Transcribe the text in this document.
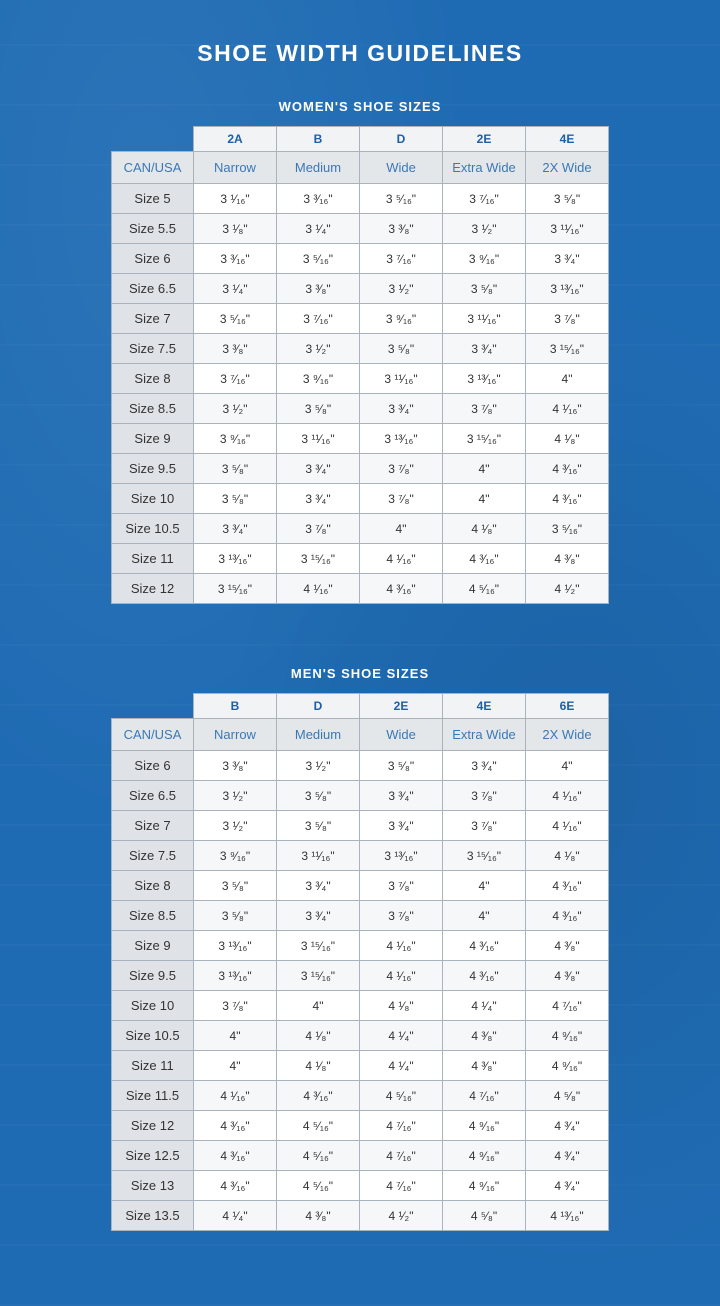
SHOE WIDTH GUIDELINES
WOMEN'S SHOE SIZES
	2A	B	D	2E	4E
CAN/USA	Narrow	Medium	Wide	Extra Wide	2X Wide
Size 5	3 ¹⁄₁₆"	3 ³⁄₁₆"	3 ⁵⁄₁₆"	3 ⁷⁄₁₆"	3 ⁵⁄₈"
Size 5.5	3 ¹⁄₈"	3 ¹⁄₄"	3 ³⁄₈"	3 ¹⁄₂"	3 ¹¹⁄₁₆"
Size 6	3 ³⁄₁₆"	3 ⁵⁄₁₆"	3 ⁷⁄₁₆"	3 ⁹⁄₁₆"	3 ³⁄₄"
Size 6.5	3 ¹⁄₄"	3 ³⁄₈"	3 ¹⁄₂"	3 ⁵⁄₈"	3 ¹³⁄₁₆"
Size 7	3 ⁵⁄₁₆"	3 ⁷⁄₁₆"	3 ⁹⁄₁₆"	3 ¹¹⁄₁₆"	3 ⁷⁄₈"
Size 7.5	3 ³⁄₈"	3 ¹⁄₂"	3 ⁵⁄₈"	3 ³⁄₄"	3 ¹⁵⁄₁₆"
Size 8	3 ⁷⁄₁₆"	3 ⁹⁄₁₆"	3 ¹¹⁄₁₆"	3 ¹³⁄₁₆"	4"
Size 8.5	3 ¹⁄₂"	3 ⁵⁄₈"	3 ³⁄₄"	3 ⁷⁄₈"	4 ¹⁄₁₆"
Size 9	3 ⁹⁄₁₆"	3 ¹¹⁄₁₆"	3 ¹³⁄₁₆"	3 ¹⁵⁄₁₆"	4 ¹⁄₈"
Size 9.5	3 ⁵⁄₈"	3 ³⁄₄"	3 ⁷⁄₈"	4"	4 ³⁄₁₆"
Size 10	3 ⁵⁄₈"	3 ³⁄₄"	3 ⁷⁄₈"	4"	4 ³⁄₁₆"
Size 10.5	3 ³⁄₄"	3 ⁷⁄₈"	4"	4 ¹⁄₈"	3 ⁵⁄₁₆"
Size 11	3 ¹³⁄₁₆"	3 ¹⁵⁄₁₆"	4 ¹⁄₁₆"	4 ³⁄₁₆"	4 ³⁄₈"
Size 12	3 ¹⁵⁄₁₆"	4 ¹⁄₁₆"	4 ³⁄₁₆"	4 ⁵⁄₁₆"	4 ¹⁄₂"
MEN'S SHOE SIZES
	B	D	2E	4E	6E
CAN/USA	Narrow	Medium	Wide	Extra Wide	2X Wide
Size 6	3 ³⁄₈"	3 ¹⁄₂"	3 ⁵⁄₈"	3 ³⁄₄"	4"
Size 6.5	3 ¹⁄₂"	3 ⁵⁄₈"	3 ³⁄₄"	3 ⁷⁄₈"	4 ¹⁄₁₆"
Size 7	3 ¹⁄₂"	3 ⁵⁄₈"	3 ³⁄₄"	3 ⁷⁄₈"	4 ¹⁄₁₆"
Size 7.5	3 ⁹⁄₁₆"	3 ¹¹⁄₁₆"	3 ¹³⁄₁₆"	3 ¹⁵⁄₁₆"	4 ¹⁄₈"
Size 8	3 ⁵⁄₈"	3 ³⁄₄"	3 ⁷⁄₈"	4"	4 ³⁄₁₆"
Size 8.5	3 ⁵⁄₈"	3 ³⁄₄"	3 ⁷⁄₈"	4"	4 ³⁄₁₆"
Size 9	3 ¹³⁄₁₆"	3 ¹⁵⁄₁₆"	4 ¹⁄₁₆"	4 ³⁄₁₆"	4 ³⁄₈"
Size 9.5	3 ¹³⁄₁₆"	3 ¹⁵⁄₁₆"	4 ¹⁄₁₆"	4 ³⁄₁₆"	4 ³⁄₈"
Size 10	3 ⁷⁄₈"	4"	4 ¹⁄₈"	4 ¹⁄₄"	4 ⁷⁄₁₆"
Size 10.5	4"	4 ¹⁄₈"	4 ¹⁄₄"	4 ³⁄₈"	4 ⁹⁄₁₆"
Size 11	4"	4 ¹⁄₈"	4 ¹⁄₄"	4 ³⁄₈"	4 ⁹⁄₁₆"
Size 11.5	4 ¹⁄₁₆"	4 ³⁄₁₆"	4 ⁵⁄₁₆"	4 ⁷⁄₁₆"	4 ⁵⁄₈"
Size 12	4 ³⁄₁₆"	4 ⁵⁄₁₆"	4 ⁷⁄₁₆"	4 ⁹⁄₁₆"	4 ³⁄₄"
Size 12.5	4 ³⁄₁₆"	4 ⁵⁄₁₆"	4 ⁷⁄₁₆"	4 ⁹⁄₁₆"	4 ³⁄₄"
Size 13	4 ³⁄₁₆"	4 ⁵⁄₁₆"	4 ⁷⁄₁₆"	4 ⁹⁄₁₆"	4 ³⁄₄"
Size 13.5	4 ¹⁄₄"	4 ³⁄₈"	4 ¹⁄₂"	4 ⁵⁄₈"	4 ¹³⁄₁₆"
